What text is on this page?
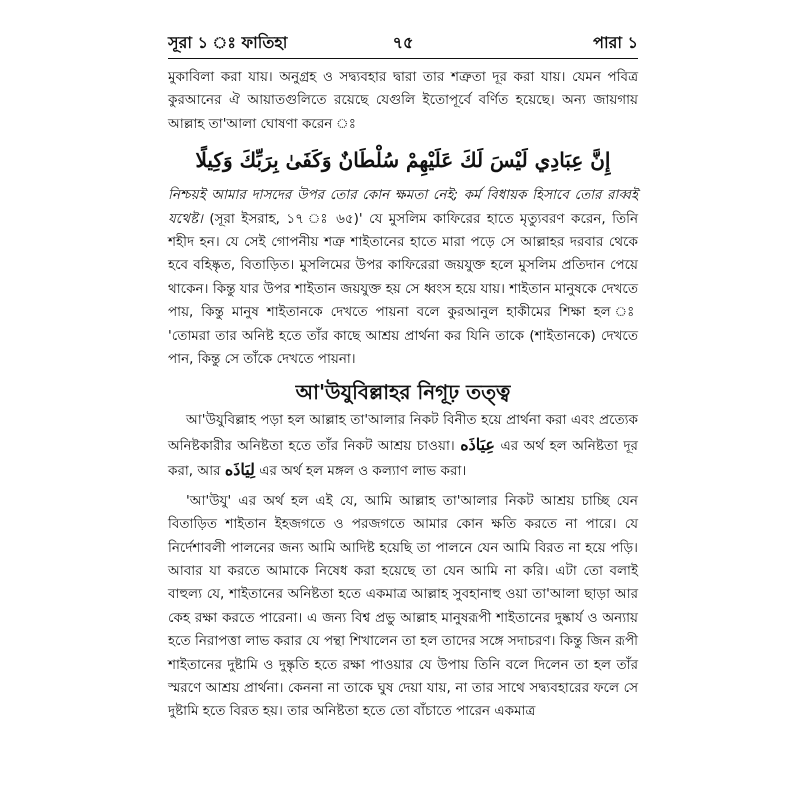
সূরা ১ ঃ ফাতিহা	৭৫	পারা ১

মুকাবিলা করা যায়। অনুগ্রহ ও সদ্ব্যবহার দ্বারা তার শত্রুতা দূর করা যায়। যেমন পবিত্র কুরআনের ঐ আয়াতগুলিতে রয়েছে যেগুলি ইতোপূর্বে বর্ণিত হয়েছে। অন্য জায়গায় আল্লাহ তা'আলা ঘোষণা করেন ঃ

إِنَّ عِبَادِي لَيْسَ لَكَ عَلَيْهِمْ سُلْطَانٌ وَكَفَىٰ بِرَبِّكَ وَكِيلًا

নিশ্চয়ই আমার দাসদের উপর তোর কোন ক্ষমতা নেই; কর্ম বিধায়ক হিসাবে তোর রাব্বই যথেষ্ট। (সূরা ইসরাহ, ১৭ ঃ ৬৫)' যে মুসলিম কাফিরের হাতে মৃত্যুবরণ করেন, তিনি শহীদ হন। যে সেই গোপনীয় শত্রু শাইতানের হাতে মারা পড়ে সে আল্লাহর দরবার থেকে হবে বহিষ্কৃত, বিতাড়িত। মুসলিমের উপর কাফিরেরা জয়যুক্ত হলে মুসলিম প্রতিদান পেয়ে থাকেন। কিন্তু যার উপর শাইতান জয়যুক্ত হয় সে ধ্বংস হয়ে যায়। শাইতান মানুষকে দেখতে পায়, কিন্তু মানুষ শাইতানকে দেখতে পায়না বলে কুরআনুল হাকীমের শিক্ষা হল ঃ 'তোমরা তার অনিষ্ট হতে তাঁর কাছে আশ্রয় প্রার্থনা কর যিনি তাকে (শাইতানকে) দেখতে পান, কিন্তু সে তাঁকে দেখতে পায়না।

আ'উযুবিল্লাহর নিগূঢ় তত্ত্ব

আ'উযুবিল্লাহ পড়া হল আল্লাহ তা'আলার নিকট বিনীত হয়ে প্রার্থনা করা এবং প্রত্যেক অনিষ্টকারীর অনিষ্টতা হতে তাঁর নিকট আশ্রয় চাওয়া। عِيَاذَه এর অর্থ হল অনিষ্টতা দূর করা, আর لِيَاذَه এর অর্থ হল মঙ্গল ও কল্যাণ লাভ করা।

'আ'উযু' এর অর্থ হল এই যে, আমি আল্লাহ তা'আলার নিকট আশ্রয় চাচ্ছি যেন বিতাড়িত শাইতান ইহজগতে ও পরজগতে আমার কোন ক্ষতি করতে না পারে। যে নির্দেশাবলী পালনের জন্য আমি আদিষ্ট হয়েছি তা পালনে যেন আমি বিরত না হয়ে পড়ি। আবার যা করতে আমাকে নিষেধ করা হয়েছে তা যেন আমি না করি। এটা তো বলাই বাহুল্য যে, শাইতানের অনিষ্টতা হতে একমাত্র আল্লাহ সুবহানাহু ওয়া তা'আলা ছাড়া আর কেহ রক্ষা করতে পারেনা। এ জন্য বিশ্ব প্রভু আল্লাহ মানুষরূপী শাইতানের দুষ্কার্য ও অন্যায় হতে নিরাপত্তা লাভ করার যে পন্থা শিখালেন তা হল তাদের সঙ্গে সদাচরণ। কিন্তু জিন রূপী শাইতানের দুষ্টামি ও দুষ্কৃতি হতে রক্ষা পাওয়ার যে উপায় তিনি বলে দিলেন তা হল তাঁর স্মরণে আশ্রয় প্রার্থনা। কেননা না তাকে ঘুষ দেয়া যায়, না তার সাথে সদ্ব্যবহারের ফলে সে দুষ্টামি হতে বিরত হয়। তার অনিষ্টতা হতে তো বাঁচাতে পারেন একমাত্র
